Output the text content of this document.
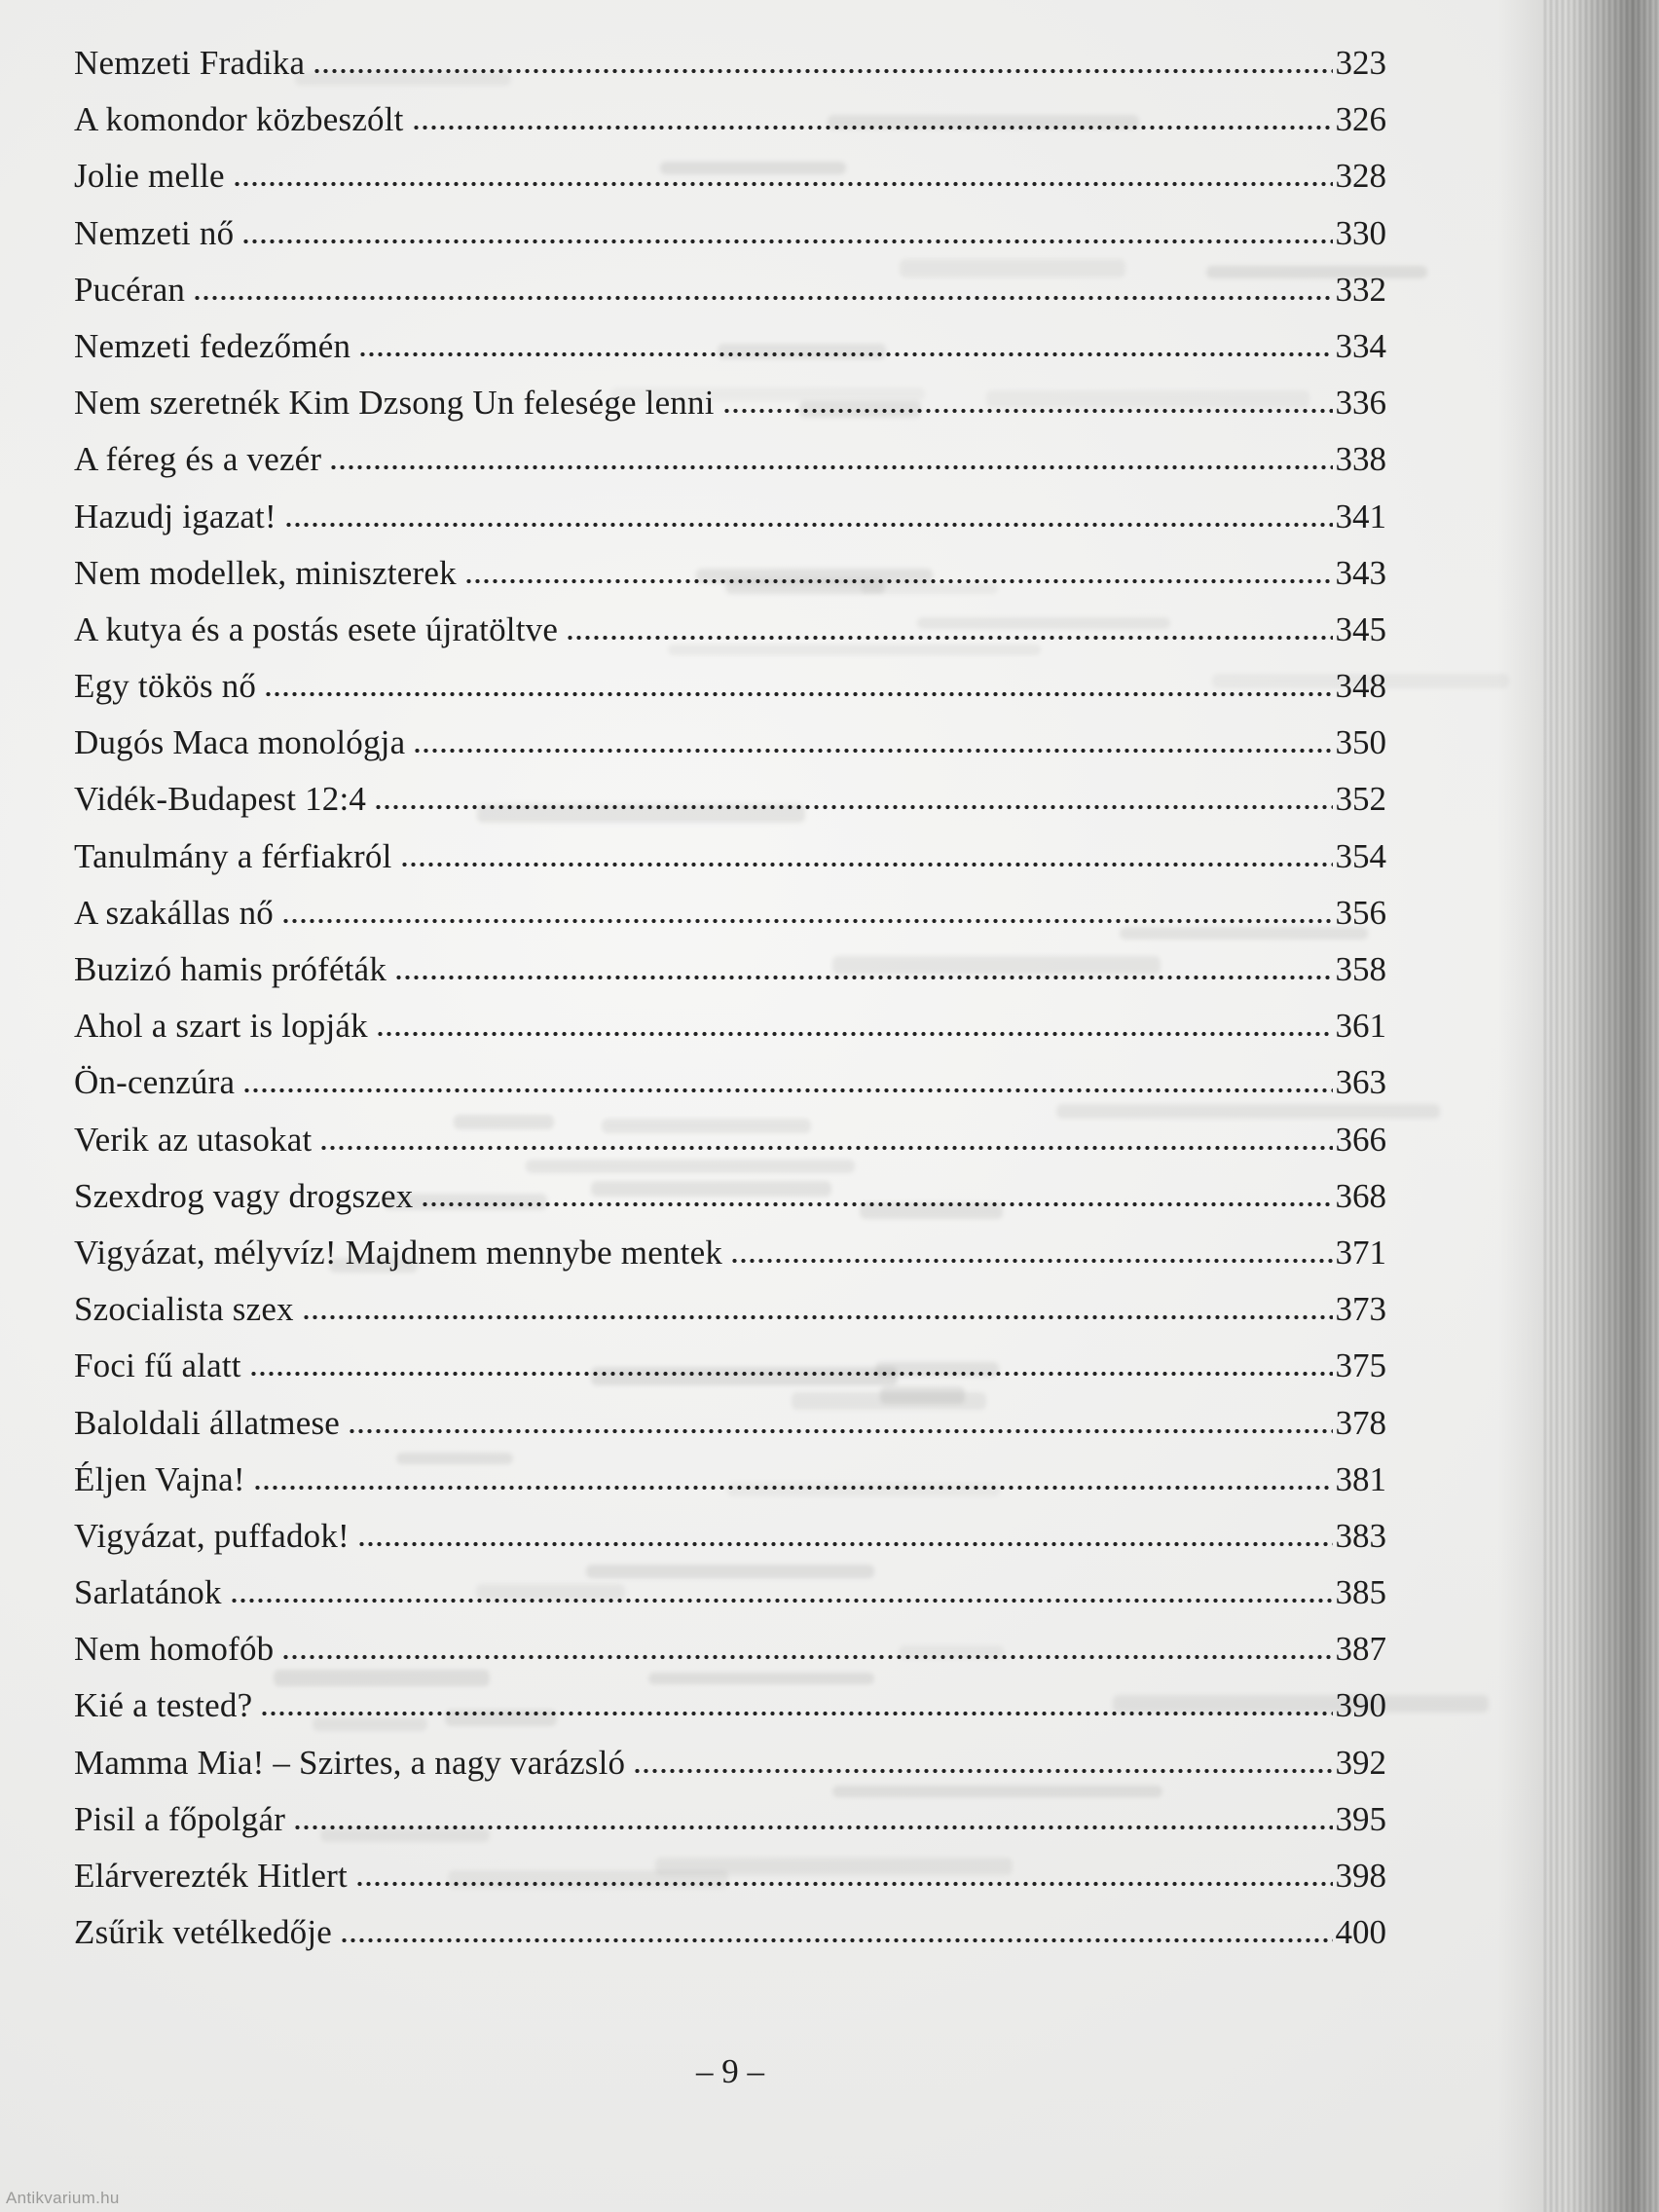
Nemzeti Fradika	323
A komondor közbeszólt	326
Jolie melle	328
Nemzeti nő	330
Pucéran	332
Nemzeti fedezőmén	334
Nem szeretnék Kim Dzsong Un felesége lenni	336
A féreg és a vezér	338
Hazudj igazat!	341
Nem modellek, miniszterek	343
A kutya és a postás esete újratöltve	345
Egy tökös nő	348
Dugós Maca monológja	350
Vidék-Budapest 12:4	352
Tanulmány a férfiakról	354
A szakállas nő	356
Buzizó hamis próféták	358
Ahol a szart is lopják	361
Ön-cenzúra	363
Verik az utasokat	366
Szexdrog vagy drogszex	368
Vigyázat, mélyvíz! Majdnem mennybe mentek	371
Szocialista szex	373
Foci fű alatt	375
Baloldali állatmese	378
Éljen Vajna!	381
Vigyázat, puffadok!	383
Sarlatánok	385
Nem homofób	387
Kié a tested?	390
Mamma Mia! – Szirtes, a nagy varázsló	392
Pisil a főpolgár	395
Elárverezték Hitlert	398
Zsűrik vetélkedője	400
– 9 –
Antikvarium.hu
